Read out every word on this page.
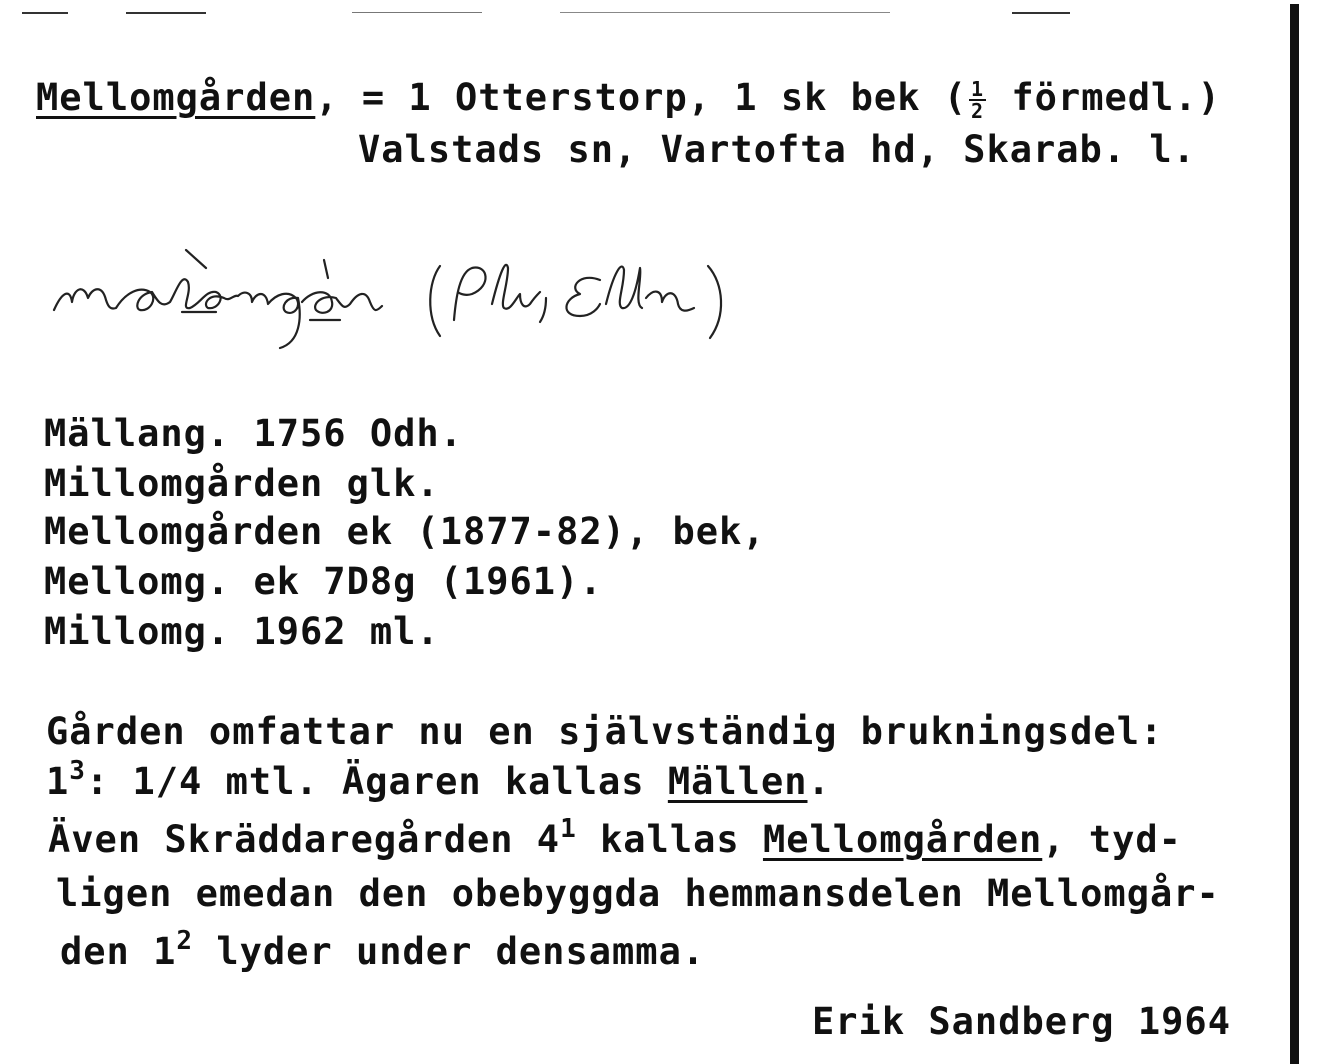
Mellomgården, = 1 Otterstorp, 1 sk bek ( $\frac{1}{2}$ förmedl.)
Valstads sn, Vartofta hd, Skarab. l.
Mällang. 1756 Odh.
Millomgården glk.
Mellomgården ek (1877-82), bek,
Mellomg. ek 7D8g (1961).
Millomg. 1962 ml.
Gården omfattar nu en självständig brukningsdel:
$1^3$: 1/4 mtl. Ägaren kallas Mällen.
Även Skräddaregården $4^1$ kallas Mellomgården, tyd-
ligen emedan den obebyggda hemmansdelen Mellomgår-
den $1^2$ lyder under densamma.
Erik Sandberg 1964
